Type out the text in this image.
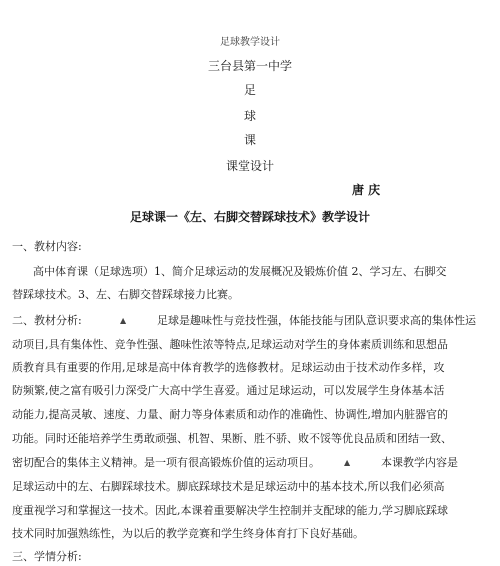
足球教学设计
三台县第一中学
足
球
课
课堂设计
唐 庆
足球课一《左、右脚交替踩球技术》教学设计
一、教材内容:
高中体育课（足球选项）1、简介足球运动的发展概况及锻炼价值 2、学习左、右脚交
替踩球技术。3、左、右脚交替踩球接力比赛。
二、教材分析:	▲	足球是趣味性与竞技性强，体能技能与团队意识要求高的集体性运
动项目,具有集体性、竞争性强、趣味性浓等特点,足球运动对学生的身体素质训练和思想品
质教育具有重要的作用,足球是高中体育教学的选修教材。足球运动由于技术动作多样，攻
防频繁,使之富有吸引力深受广大高中学生喜爱。通过足球运动，可以发展学生身体基本活
动能力,提高灵敏、速度、力量、耐力等身体素质和动作的准确性、协调性,增加内脏器官的
功能。同时还能培养学生勇敢顽强、机智、果断、胜不骄、败不馁等优良品质和团结一致、
密切配合的集体主义精神。是一项有很高锻炼价值的运动项目。	▲	本课教学内容是
足球运动中的左、右脚踩球技术。脚底踩球技术是足球运动中的基本技术,所以我们必须高
度重视学习和掌握这一技术。因此,本课着重要解决学生控制并支配球的能力,学习脚底踩球
技术同时加强熟练性，为以后的教学竞赛和学生终身体育打下良好基础。
三、学情分析:
